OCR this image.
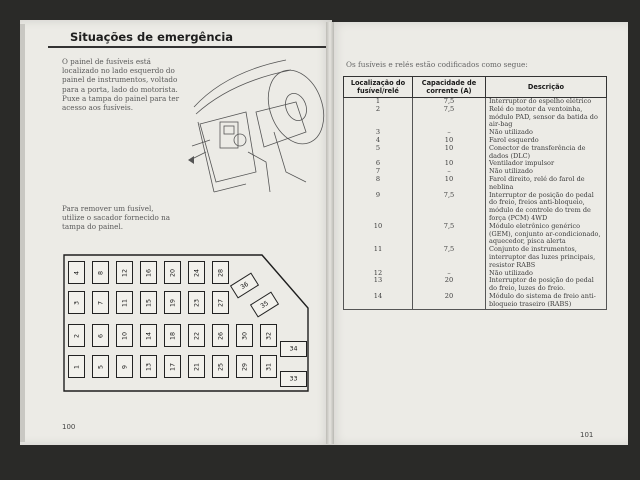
Situações de emergência

O painel de fusíveis está localizado no lado esquerdo do painel de instrumentos, voltado para a porta, lado do motorista. Puxe a tampa do painel para ter acesso aos fusíveis.

Para remover um fusível, utilize o sacador fornecido na tampa do painel.

4	8	12	16	20	24	28
3	7	11	15	19	23	27
2	6	10	14	18	22	26	30	32
1	5	9	13	17	21	25	29	31
36
35
34
33
100

Os fusíveis e relés estão codificados como segue:

Localização do fusível/relé	Capacidade de corrente (A)	Descrição
1	7,5	Interruptor do espelho elétrico
2	7,5	Relé do motor da ventoinha, módulo PAD, sensor da batida do air-bag
3	–	Não utilizado
4	10	Farol esquerdo
5	10	Conector de transferência de dados (DLC)
6	10	Ventilador impulsor
7	–	Não utilizado
8	10	Farol direito, relé do farol de neblina
9	7,5	Interruptor de posição do pedal do freio, freios anti-bloqueio, módulo de controle do trem de força (PCM) 4WD
10	7,5	Módulo eletrônico genérico (GEM), conjunto ar-condicionado, aquecedor, pisca alerta
11	7,5	Conjunto de instrumentos, interruptor das luzes principais, resistor RABS
12	–	Não utilizado
13	20	Interruptor de posição do pedal do freio, luzes do freio.
14	20	Módulo do sistema de freio anti-bloqueio traseiro (RABS)
101
